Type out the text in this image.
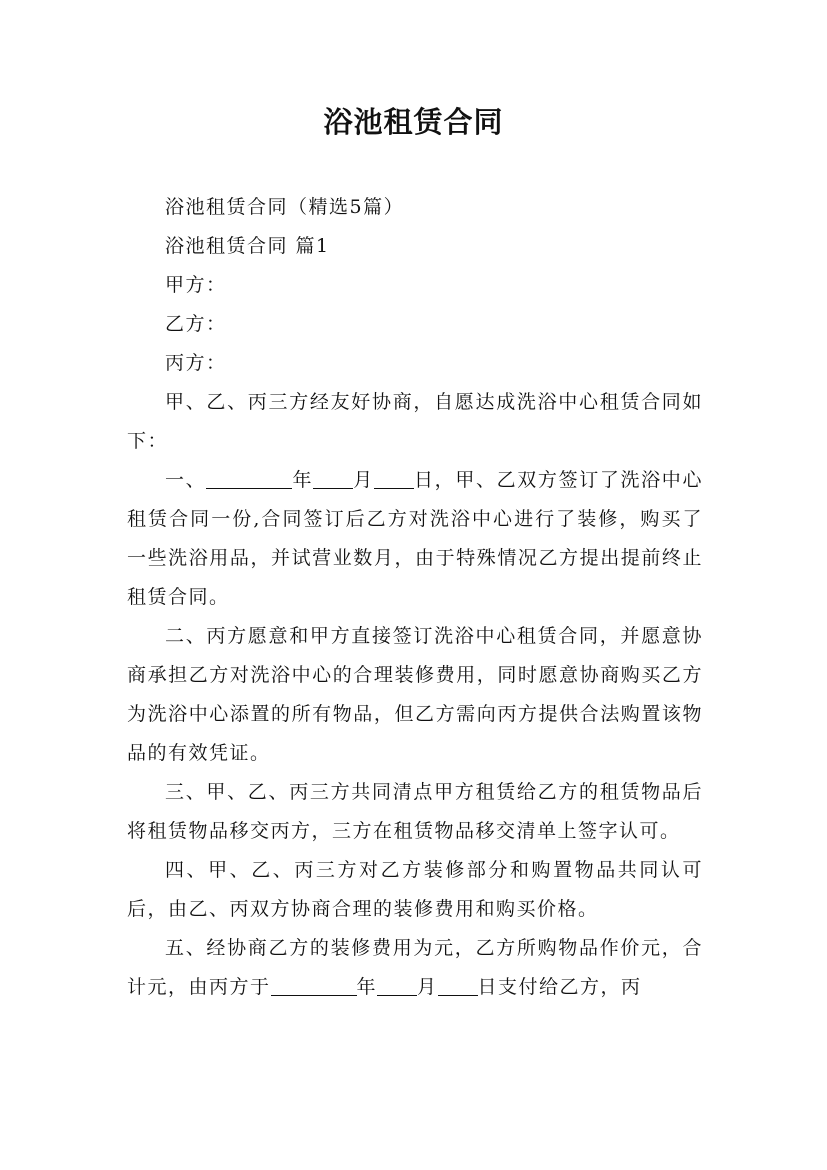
浴池租赁合同

浴池租赁合同（精选5篇）

浴池租赁合同 篇1

甲方：

乙方：

丙方：

甲、乙、丙三方经友好协商，自愿达成洗浴中心租赁合同如下：

一、	年 月 日，甲、乙双方签订了洗浴中心租赁合同一份,合同签订后乙方对洗浴中心进行了装修，购买了一些洗浴用品，并试营业数月，由于特殊情况乙方提出提前终止租赁合同。

二、丙方愿意和甲方直接签订洗浴中心租赁合同，并愿意协商承担乙方对洗浴中心的合理装修费用，同时愿意协商购买乙方为洗浴中心添置的所有物品，但乙方需向丙方提供合法购置该物品的有效凭证。

三、甲、乙、丙三方共同清点甲方租赁给乙方的租赁物品后将租赁物品移交丙方，三方在租赁物品移交清单上签字认可。

四、甲、乙、丙三方对乙方装修部分和购置物品共同认可后，由乙、丙双方协商合理的装修费用和购买价格。

五、经协商乙方的装修费用为元，乙方所购物品作价元，合计元，由丙方于	年 月 日支付给乙方，丙
